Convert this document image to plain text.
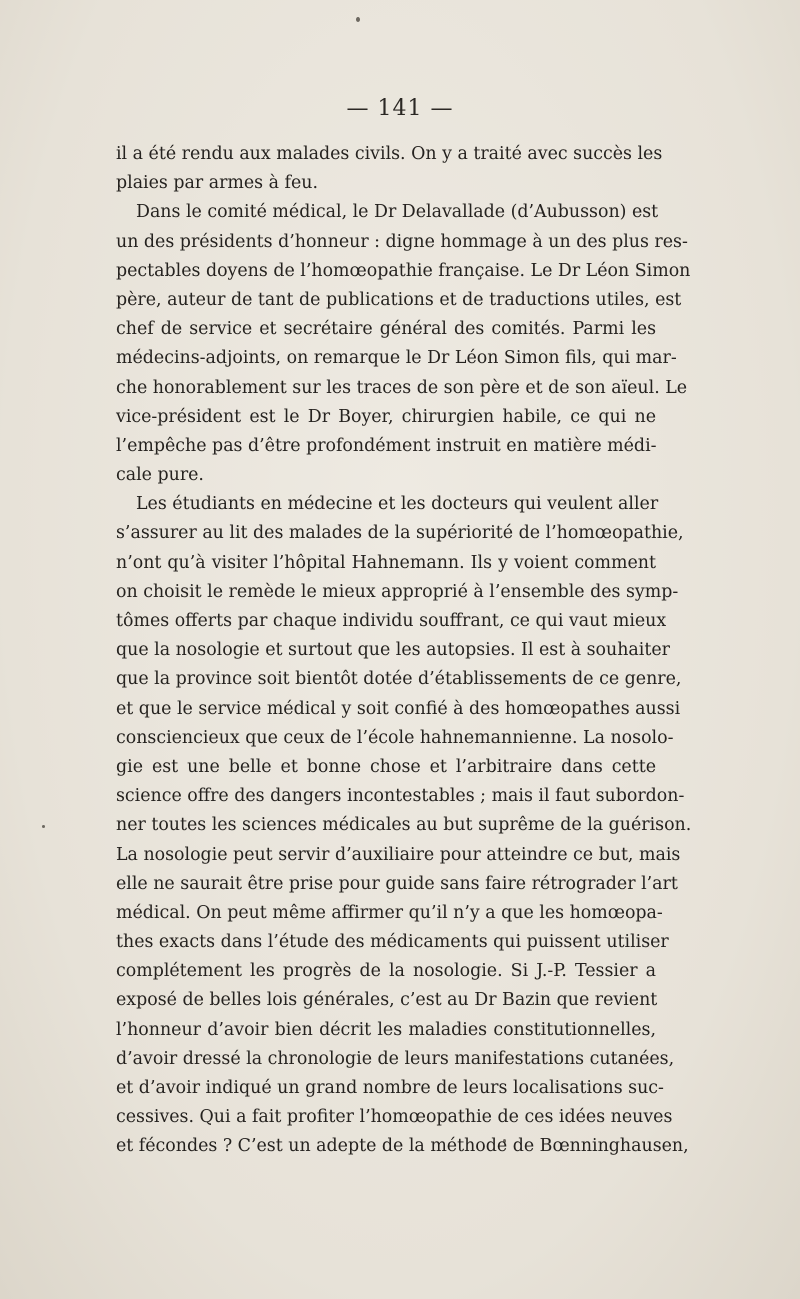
— 141 —
il a été rendu aux malades civils. On y a traité avec succès les
plaies par armes à feu.
Dans le comité médical, le Dr Delavallade (d’Aubusson) est
un des présidents d’honneur : digne hommage à un des plus res-
pectables doyens de l’homœopathie française. Le Dr Léon Simon
père, auteur de tant de publications et de traductions utiles, est
chef de service et secrétaire général des comités. Parmi les
médecins-adjoints, on remarque le Dr Léon Simon fils, qui mar-
che honorablement sur les traces de son père et de son aïeul. Le
vice-président est le Dr Boyer, chirurgien habile, ce qui ne
l’empêche pas d’être profondément instruit en matière médi-
cale pure.
Les étudiants en médecine et les docteurs qui veulent aller
s’assurer au lit des malades de la supériorité de l’homœopathie,
n’ont qu’à visiter l’hôpital Hahnemann. Ils y voient comment
on choisit le remède le mieux approprié à l’ensemble des symp-
tômes offerts par chaque individu souffrant, ce qui vaut mieux
que la nosologie et surtout que les autopsies. Il est à souhaiter
que la province soit bientôt dotée d’établissements de ce genre,
et que le service médical y soit confié à des homœopathes aussi
consciencieux que ceux de l’école hahnemannienne. La nosolo-
gie est une belle et bonne chose et l’arbitraire dans cette
science offre des dangers incontestables ; mais il faut subordon-
ner toutes les sciences médicales au but suprême de la guérison.
La nosologie peut servir d’auxiliaire pour atteindre ce but, mais
elle ne saurait être prise pour guide sans faire rétrograder l’art
médical. On peut même affirmer qu’il n’y a que les homœopa-
thes exacts dans l’étude des médicaments qui puissent utiliser
complétement les progrès de la nosologie. Si J.-P. Tessier a
exposé de belles lois générales, c’est au Dr Bazin que revient
l’honneur d’avoir bien décrit les maladies constitutionnelles,
d’avoir dressé la chronologie de leurs manifestations cutanées,
et d’avoir indiqué un grand nombre de leurs localisations suc-
cessives. Qui a fait profiter l’homœopathie de ces idées neuves
et fécondes ? C’est un adepte de la méthode de Bœnninghausen,
